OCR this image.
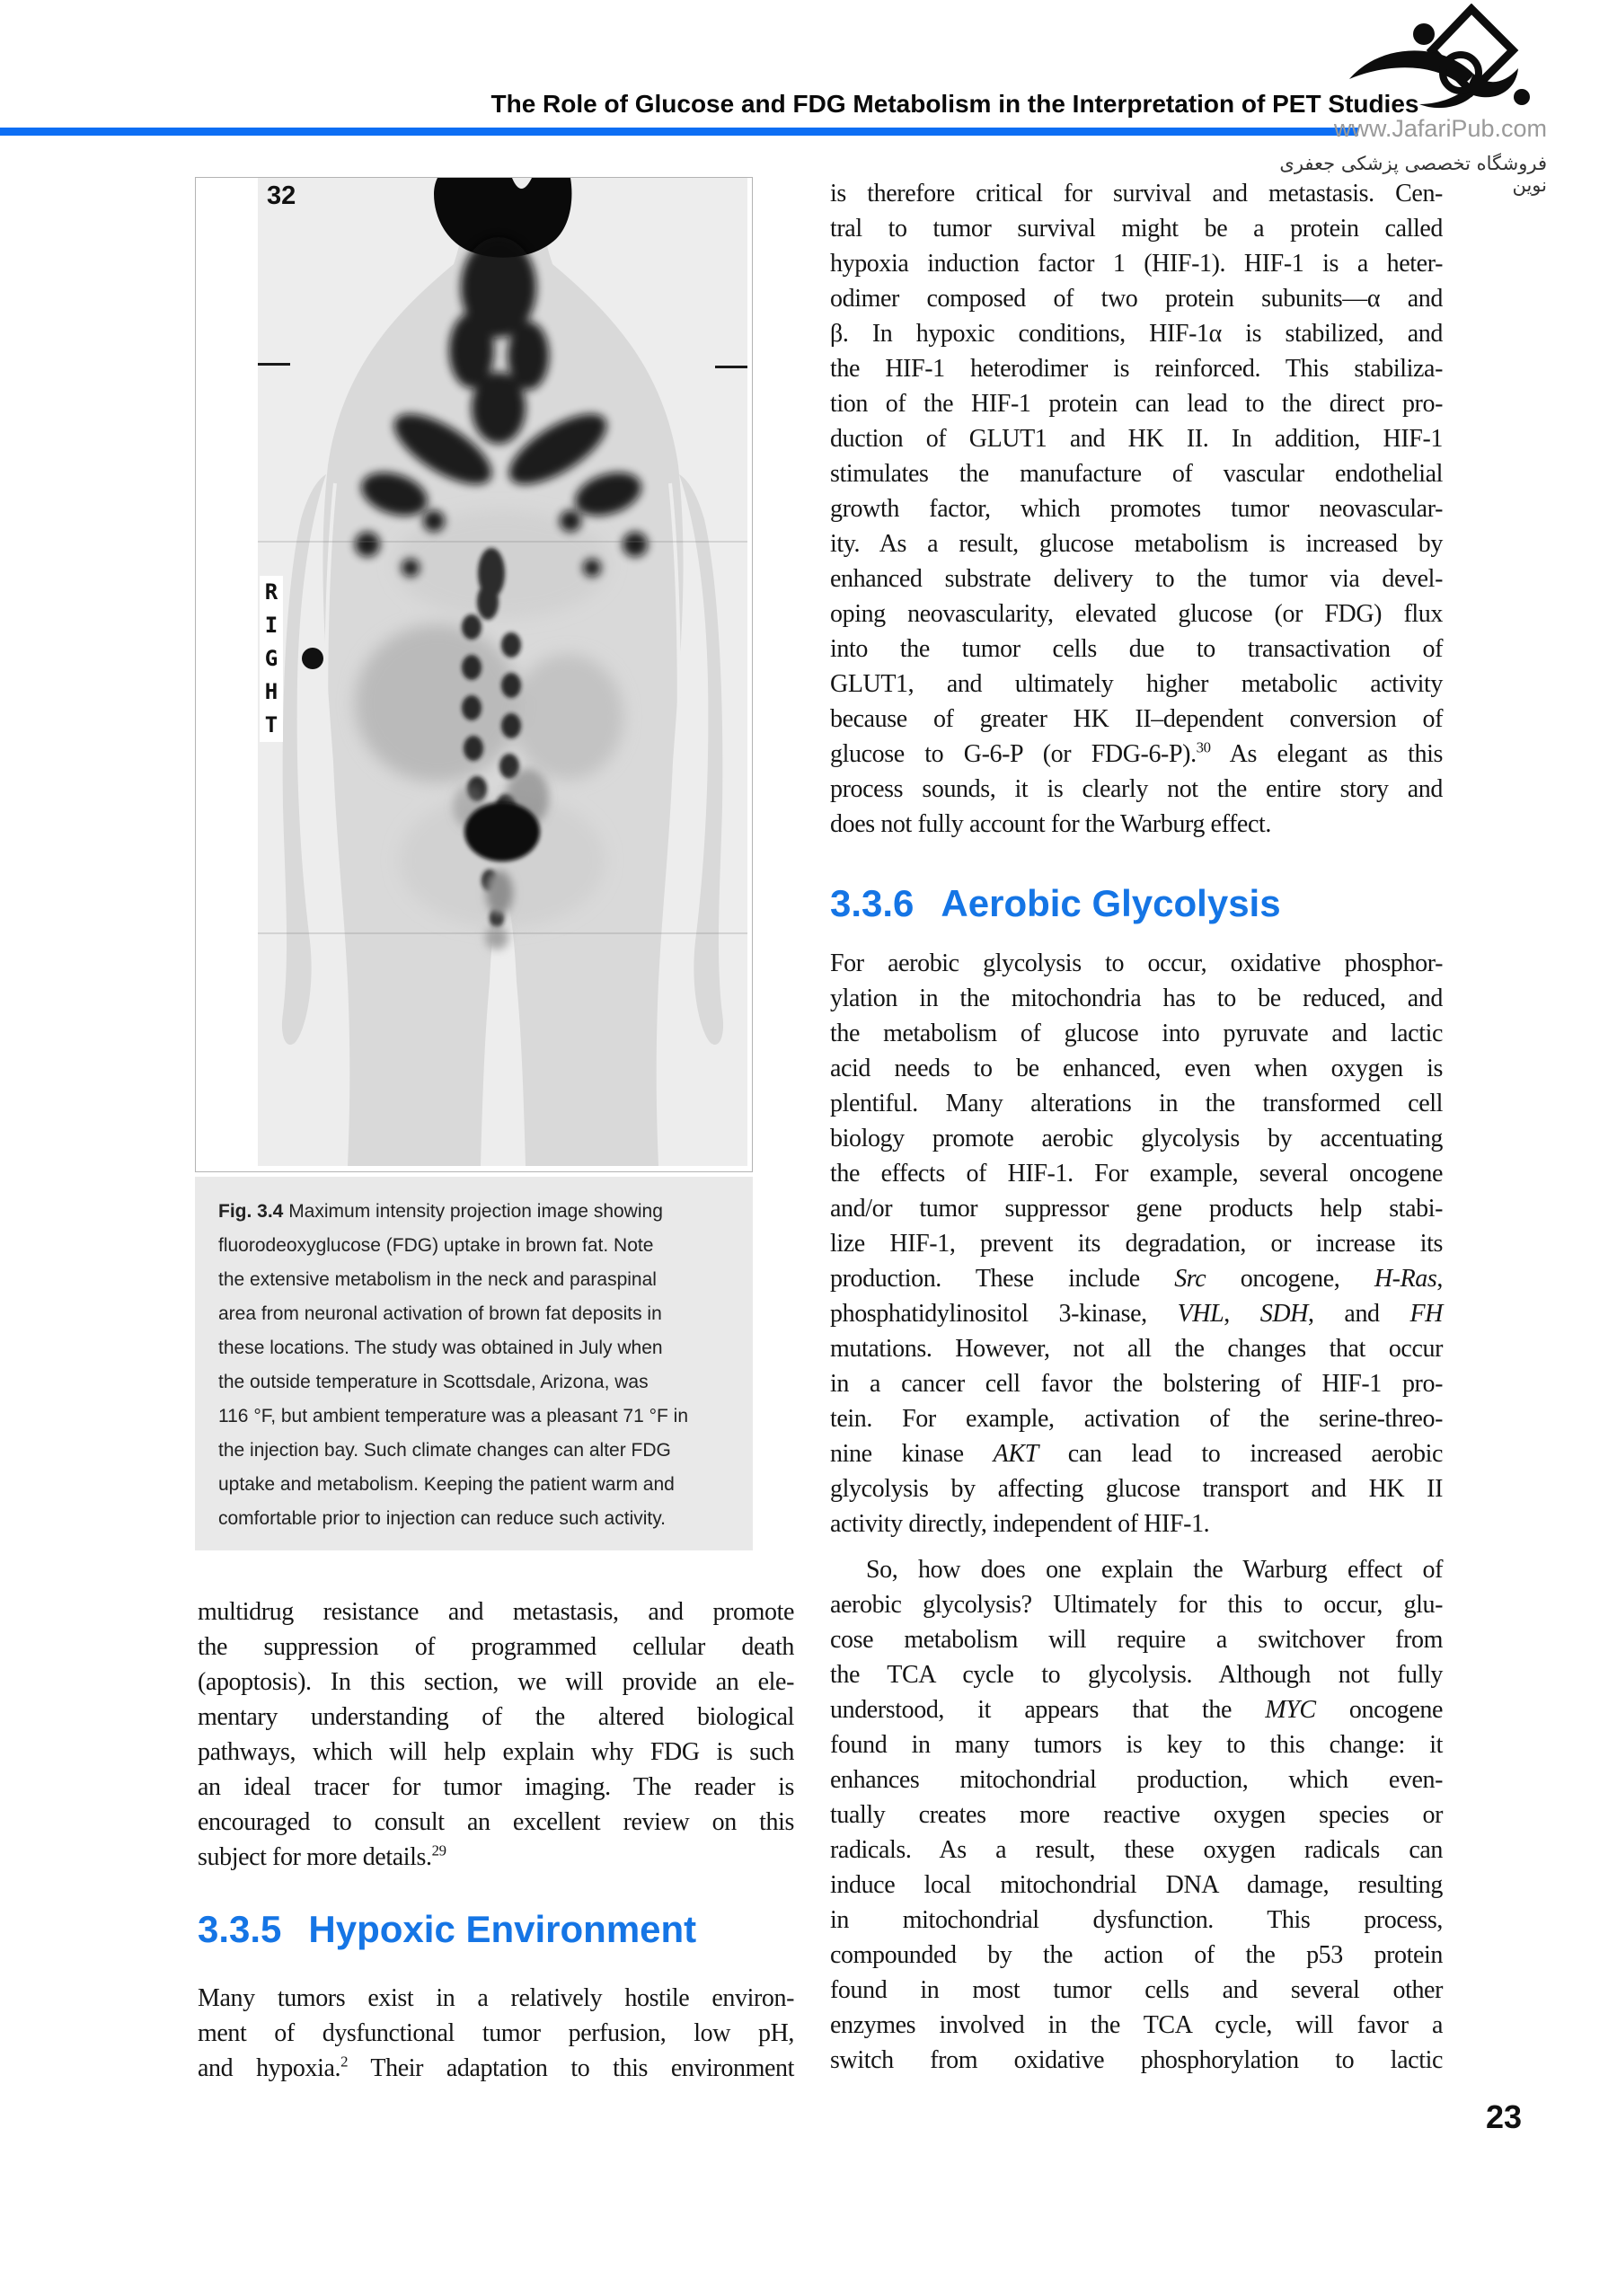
The Role of Glucose and FDG Metabolism in the Interpretation of PET Studies
www.JafariPub.com
فروشگاه تخصصی پزشکی جعفری نوین
32
RIGHT
Fig. 3.4 Maximum intensity projection image showing
fluorodeoxyglucose (FDG) uptake in brown fat. Note
the extensive metabolism in the neck and paraspinal
area from neuronal activation of brown fat deposits in
these locations. The study was obtained in July when
the outside temperature in Scottsdale, Arizona, was
116 °F, but ambient temperature was a pleasant 71 °F in
the injection bay. Such climate changes can alter FDG
uptake and metabolism. Keeping the patient warm and
comfortable prior to injection can reduce such activity.
multidrug resistance and metastasis, and promote
the suppression of programmed cellular death
(apoptosis). In this section, we will provide an ele-
mentary understanding of the altered biological
pathways, which will help explain why FDG is such
an ideal tracer for tumor imaging. The reader is
encouraged to consult an excellent review on this
subject for more details.$^{29}$
3.3.5 Hypoxic Environment
Many tumors exist in a relatively hostile environ-
ment of dysfunctional tumor perfusion, low pH,
and hypoxia.$^2$ Their adaptation to this environment
is therefore critical for survival and metastasis. Cen-
tral to tumor survival might be a protein called
hypoxia induction factor 1 (HIF-1). HIF-1 is a heter-
odimer composed of two protein subunits—α and
β. In hypoxic conditions, HIF-1α is stabilized, and
the HIF-1 heterodimer is reinforced. This stabiliza-
tion of the HIF-1 protein can lead to the direct pro-
duction of GLUT1 and HK II. In addition, HIF-1
stimulates the manufacture of vascular endothelial
growth factor, which promotes tumor neovascular-
ity. As a result, glucose metabolism is increased by
enhanced substrate delivery to the tumor via devel-
oping neovascularity, elevated glucose (or FDG) flux
into the tumor cells due to transactivation of
GLUT1, and ultimately higher metabolic activity
because of greater HK II–dependent conversion of
glucose to G-6-P (or FDG-6-P).$^{30}$ As elegant as this
process sounds, it is clearly not the entire story and
does not fully account for the Warburg effect.
3.3.6 Aerobic Glycolysis
For aerobic glycolysis to occur, oxidative phosphor-
ylation in the mitochondria has to be reduced, and
the metabolism of glucose into pyruvate and lactic
acid needs to be enhanced, even when oxygen is
plentiful. Many alterations in the transformed cell
biology promote aerobic glycolysis by accentuating
the effects of HIF-1. For example, several oncogene
and/or tumor suppressor gene products help stabi-
lize HIF-1, prevent its degradation, or increase its
production. These include Src oncogene, H-Ras,
phosphatidylinositol 3-kinase, VHL, SDH, and FH
mutations. However, not all the changes that occur
in a cancer cell favor the bolstering of HIF-1 pro-
tein. For example, activation of the serine-threo-
nine kinase AKT can lead to increased aerobic
glycolysis by affecting glucose transport and HK II
activity directly, independent of HIF-1.
So, how does one explain the Warburg effect of
aerobic glycolysis? Ultimately for this to occur, glu-
cose metabolism will require a switchover from
the TCA cycle to glycolysis. Although not fully
understood, it appears that the MYC oncogene
found in many tumors is key to this change: it
enhances mitochondrial production, which even-
tually creates more reactive oxygen species or
radicals. As a result, these oxygen radicals can
induce local mitochondrial DNA damage, resulting
in mitochondrial dysfunction. This process,
compounded by the action of the p53 protein
found in most tumor cells and several other
enzymes involved in the TCA cycle, will favor a
switch from oxidative phosphorylation to lactic
23
